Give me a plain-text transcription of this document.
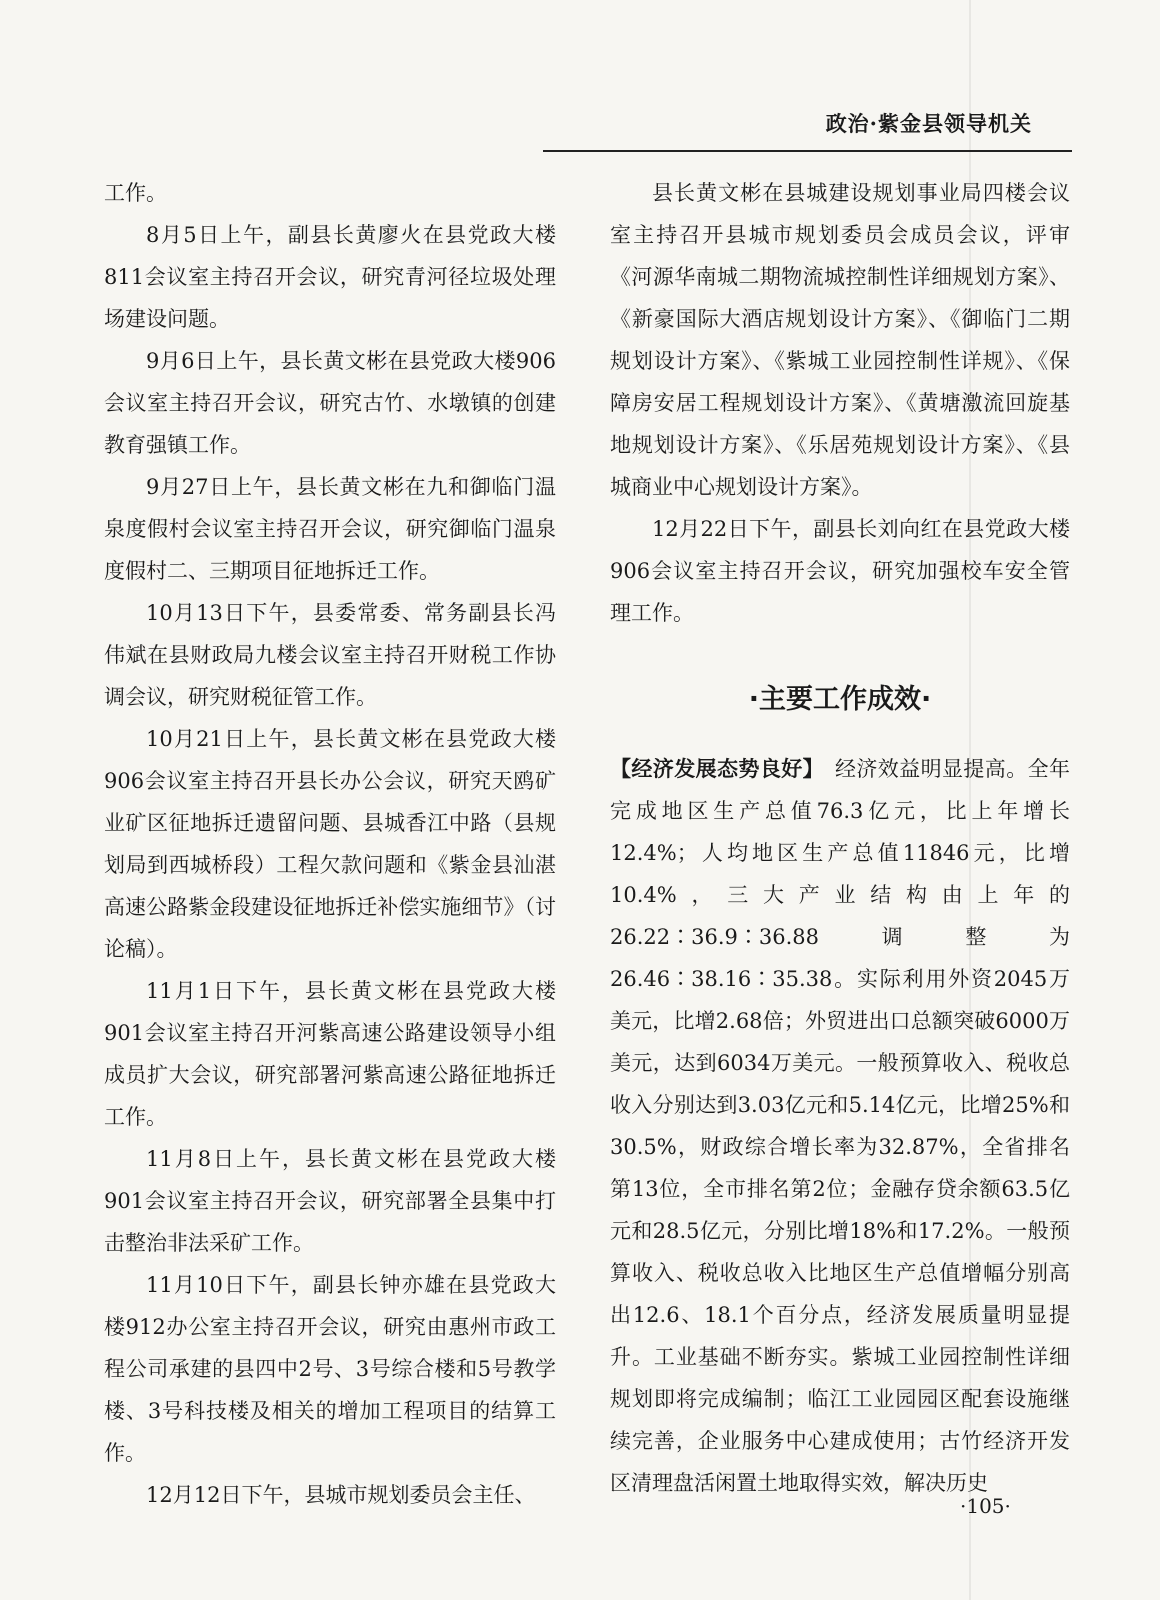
政治·紫金县领导机关

工作。

8月5日上午，副县长黄廖火在县党政大楼811会议室主持召开会议，研究青河径垃圾处理场建设问题。

9月6日上午，县长黄文彬在县党政大楼906会议室主持召开会议，研究古竹、水墩镇的创建教育强镇工作。

9月27日上午，县长黄文彬在九和御临门温泉度假村会议室主持召开会议，研究御临门温泉度假村二、三期项目征地拆迁工作。

10月13日下午，县委常委、常务副县长冯伟斌在县财政局九楼会议室主持召开财税工作协调会议，研究财税征管工作。

10月21日上午，县长黄文彬在县党政大楼906会议室主持召开县长办公会议，研究天鸥矿业矿区征地拆迁遗留问题、县城香江中路（县规划局到西城桥段）工程欠款问题和《紫金县汕湛高速公路紫金段建设征地拆迁补偿实施细节》（讨论稿）。

11月1日下午，县长黄文彬在县党政大楼901会议室主持召开河紫高速公路建设领导小组成员扩大会议，研究部署河紫高速公路征地拆迁工作。

11月8日上午，县长黄文彬在县党政大楼901会议室主持召开会议，研究部署全县集中打击整治非法采矿工作。

11月10日下午，副县长钟亦雄在县党政大楼912办公室主持召开会议，研究由惠州市政工程公司承建的县四中2号、3号综合楼和5号教学楼、3号科技楼及相关的增加工程项目的结算工作。

12月12日下午，县城市规划委员会主任、

县长黄文彬在县城建设规划事业局四楼会议室主持召开县城市规划委员会成员会议，评审《河源华南城二期物流城控制性详细规划方案》、《新豪国际大酒店规划设计方案》、《御临门二期规划设计方案》、《紫城工业园控制性详规》、《保障房安居工程规划设计方案》、《黄塘激流回旋基地规划设计方案》、《乐居苑规划设计方案》、《县城商业中心规划设计方案》。

12月22日下午，副县长刘向红在县党政大楼906会议室主持召开会议，研究加强校车安全管理工作。

·主要工作成效·

【经济发展态势良好】　 经济效益明显提高。全年完成地区生产总值76.3亿元，比上年增长12.4%；人均地区生产总值11846元，比增10.4%，三大产业结构由上年的26.22∶36.9∶36.88调整为26.46∶38.16∶35.38。实际利用外资2045万美元，比增2.68倍；外贸进出口总额突破6000万美元，达到6034万美元。一般预算收入、税收总收入分别达到3.03亿元和5.14亿元，比增25%和30.5%，财政综合增长率为32.87%，全省排名第13位，全市排名第2位；金融存贷余额63.5亿元和28.5亿元，分别比增18%和17.2%。一般预算收入、税收总收入比地区生产总值增幅分别高出12.6、18.1个百分点，经济发展质量明显提升。工业基础不断夯实。紫城工业园控制性详细规划即将完成编制；临江工业园园区配套设施继续完善，企业服务中心建成使用；古竹经济开发区清理盘活闲置土地取得实效，解决历史

·105·
